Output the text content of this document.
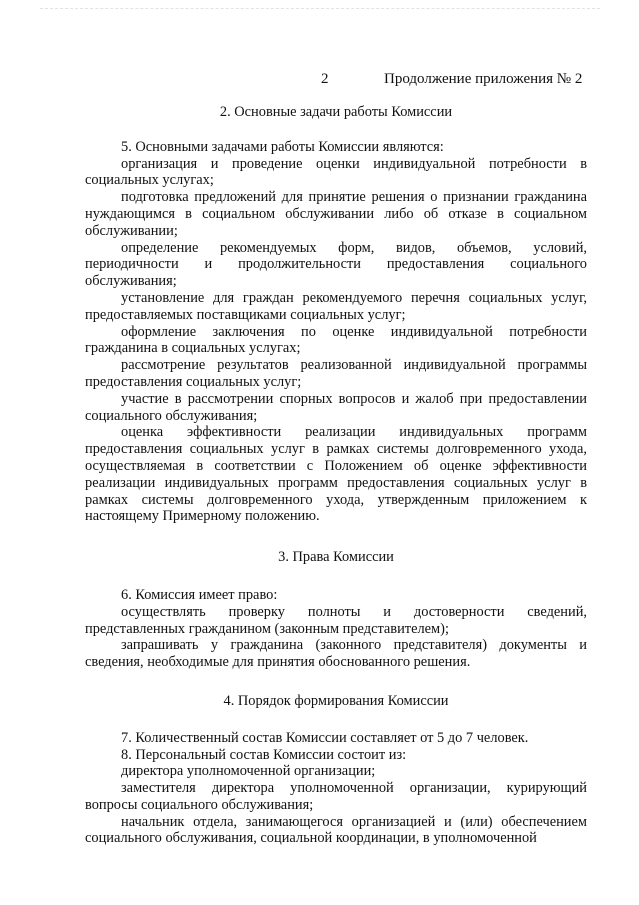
2	Продолжение приложения № 2

2. Основные задачи работы Комиссии

5. Основными задачами работы Комиссии являются:

организация и проведение оценки индивидуальной потребности в социальных услугах;

подготовка предложений для принятие решения о признании гражданина нуждающимся в социальном обслуживании либо об отказе в социальном обслуживании;

определение рекомендуемых форм, видов, объемов, условий, периодичности и продолжительности предоставления социального обслуживания;

установление для граждан рекомендуемого перечня социальных услуг, предоставляемых поставщиками социальных услуг;

оформление заключения по оценке индивидуальной потребности гражданина в социальных услугах;

рассмотрение результатов реализованной индивидуальной программы предоставления социальных услуг;

участие в рассмотрении спорных вопросов и жалоб при предоставлении социального обслуживания;

оценка эффективности реализации индивидуальных программ предоставления социальных услуг в рамках системы долговременного ухода, осуществляемая в соответствии с Положением об оценке эффективности реализации индивидуальных программ предоставления социальных услуг в рамках системы долговременного ухода, утвержденным приложением к настоящему Примерному положению.

3. Права Комиссии

6. Комиссия имеет право:

осуществлять проверку полноты и достоверности сведений, представленных гражданином (законным представителем);

запрашивать у гражданина (законного представителя) документы и сведения, необходимые для принятия обоснованного решения.

4. Порядок формирования Комиссии

7. Количественный состав Комиссии составляет от 5 до 7 человек.

8. Персональный состав Комиссии состоит из:

директора уполномоченной организации;

заместителя директора уполномоченной организации, курирующий вопросы социального обслуживания;

начальник отдела, занимающегося организацией и (или) обеспечением социального обслуживания, социальной координации, в уполномоченной
